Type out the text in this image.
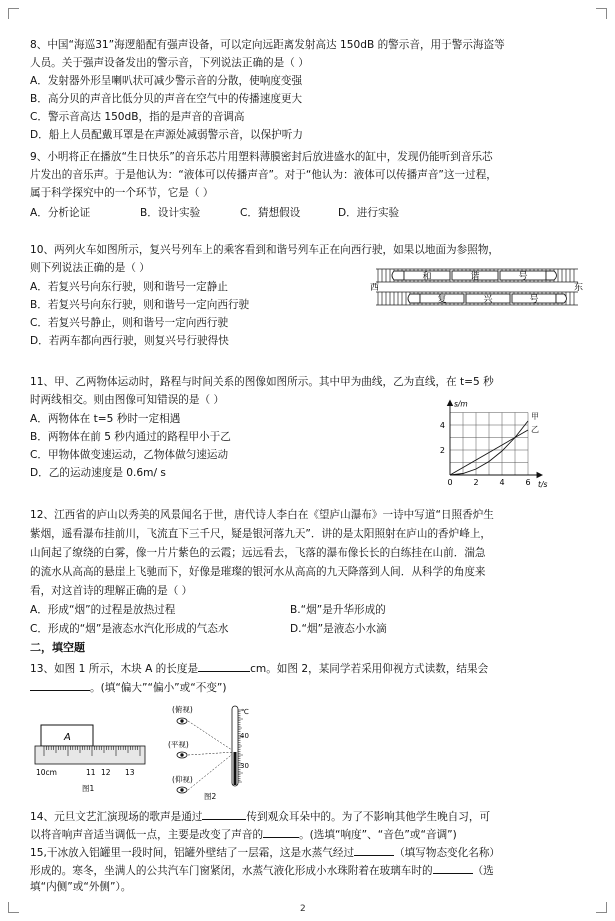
8、中国“海巡31”海逻船配有强声设备，可以定向远距离发射高达 150dB 的警示音，用于警示海盗等
人员。关于强声设备发出的警示音，下列说法正确的是（ ）
A．发射器外形呈喇叭状可减少警示音的分散，使响度变强
B．高分贝的声音比低分贝的声音在空气中的传播速度更大
C．警示音高达 150dB，指的是声音的音调高
D．船上人员配戴耳罩是在声源处减弱警示音，以保护听力
9、小明将正在播放“生日快乐”的音乐芯片用塑料薄膜密封后放进盛水的缸中，发现仍能听到音乐芯
片发出的音乐声。于是他认为：“液体可以传播声音”。对于“他认为：液体可以传播声音”这一过程，
属于科学探究中的一个环节，它是（ ）
A．分析论证	B．设计实验	C．猜想假设	D．进行实验
10、两列火车如图所示，复兴号列车上的乘客看到和谐号列车正在向西行驶，如果以地面为参照物，
则下列说法正确的是（ ）
A．若复兴号向东行驶，则和谐号一定静止
B．若复兴号向东行驶，则和谐号一定向西行驶
C．若复兴号静止，则和谐号一定向西行驶
D．若两车都向西行驶，则复兴号行驶得快
和	谐	号
复	兴	号
西	东
11、甲、乙两物体运动时，路程与时间关系的图像如图所示。其中甲为曲线，乙为直线，在 t=5 秒
时两线相交。则由图像可知错误的是（ ）
A．两物体在 t=5 秒时一定相遇
B．两物体在前 5 秒内通过的路程甲小于乙
C．甲物体做变速运动，乙物体做匀速运动
D．乙的运动速度是 0.6m/ s
0	2	4	6
2
4
t/s
s/m
甲
乙
12、江西省的庐山以秀美的风景闻名于世，唐代诗人李白在《望庐山瀑布》一诗中写道“日照香炉生
紫烟，遥看瀑布挂前川，飞流直下三千尺，疑是银河落九天”．讲的是太阳照射在庐山的香炉峰上，
山间起了缭绕的白雾，像一片片紫色的云霞；远远看去，飞落的瀑布像长长的白练挂在山前．湍急
的流水从高高的悬崖上飞驰而下，好像是璀璨的银河水从高高的九天降落到人间．从科学的角度来
看，对这首诗的理解正确的是（ ）
A．形成“烟”的过程是放热过程	B.“烟”是升华形成的
C．形成的“烟”是液态水汽化形成的气态水	D.“烟”是液态小水滴
二，填空题
13、如图 1 所示，木块 A 的长度是	cm。如图 2，某同学若采用仰视方式读数，结果会
。(填“偏大”“偏小”或“不变”)
A
10cm	11 12 13
图1
(俯视)
(平视)
(仰视)
℃
40
30
图2
14、元旦文艺汇演现场的歌声是通过	传到观众耳朵中的。为了不影响其他学生晚自习，可
以将音响声音适当调低一点，主要是改变了声音的	。(选填“响度”、“音色”或“音调”)
15,干冰放入铝罐里一段时间，铝罐外壁结了一层霜，这是水蒸气经过	（填写物态变化名称）
形成的。寒冬，坐满人的公共汽车门窗紧闭，水蒸气液化形成小水珠附着在玻璃车时的	（选
填“内侧”或“外侧”）。
2
